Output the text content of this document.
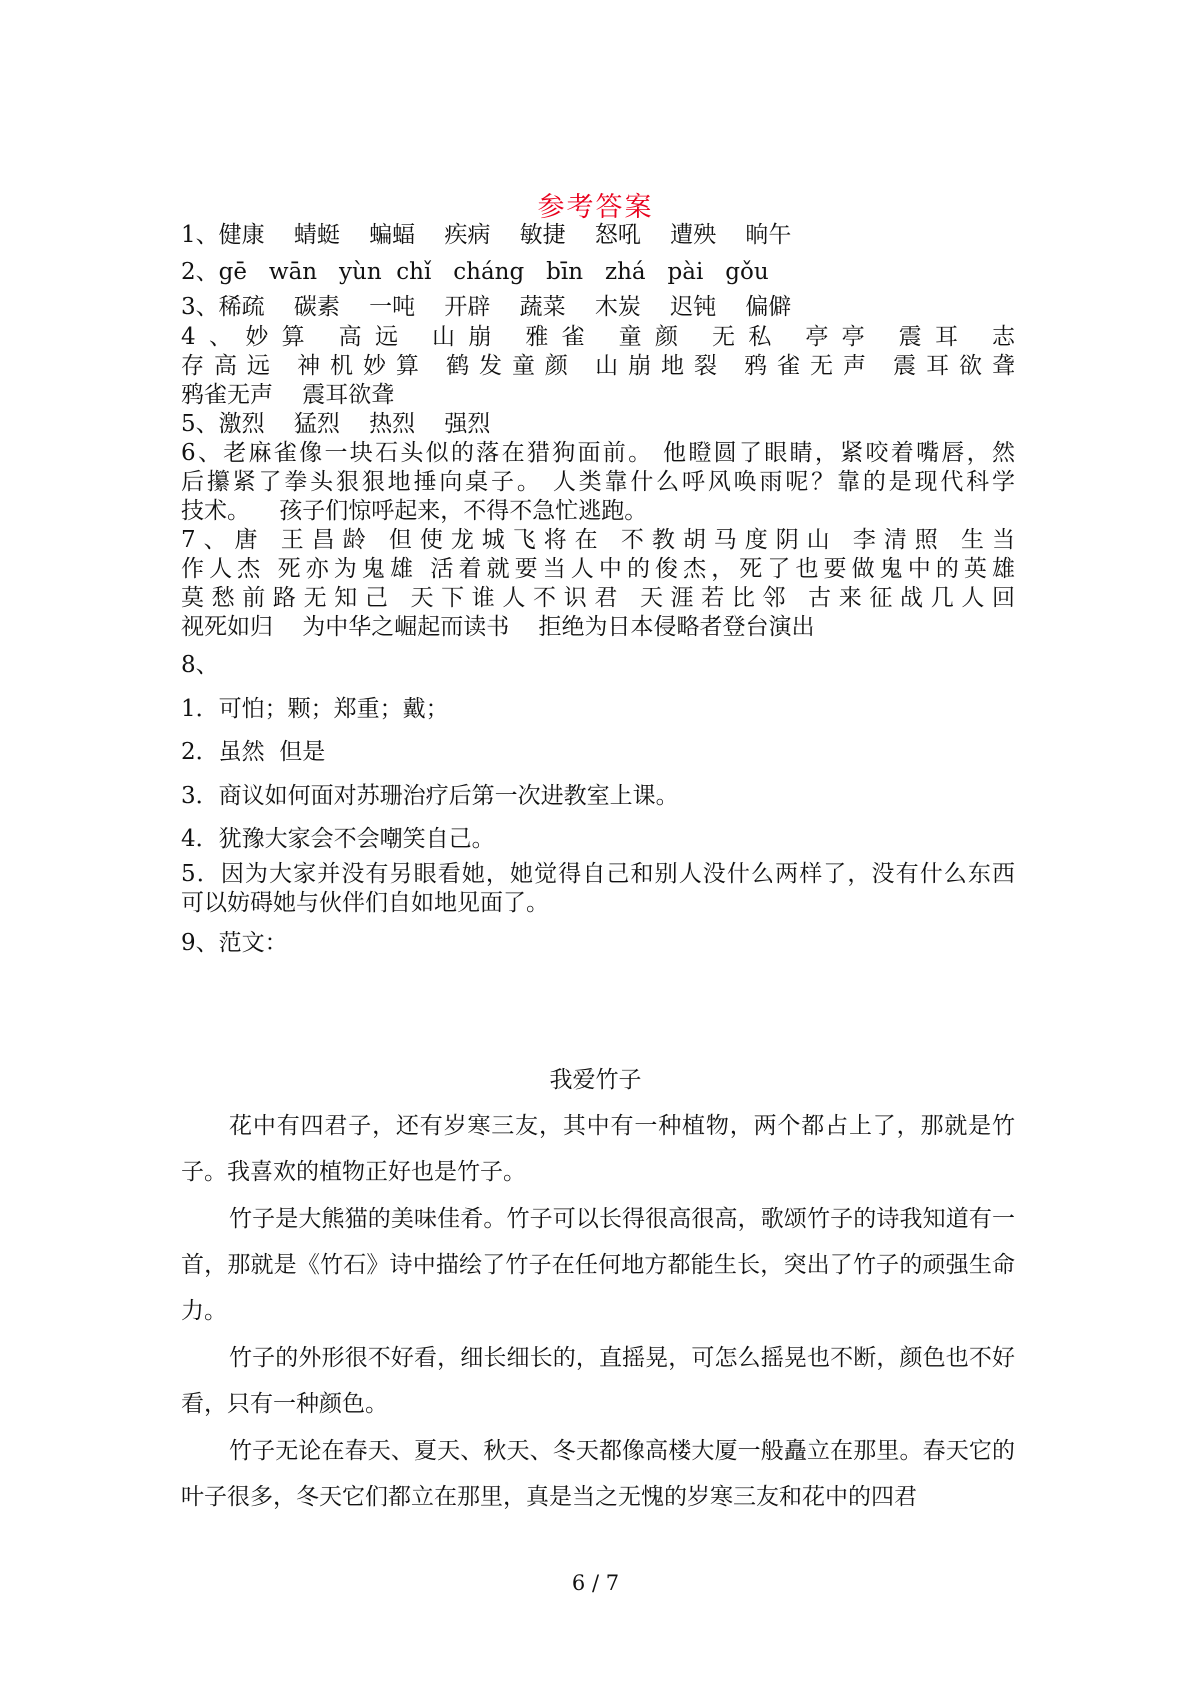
参考答案
1、健康    蜻蜓    蝙蝠    疾病    敏捷    怒吼    遭殃    晌午
2、gē   wān   yùn  chǐ   cháng   bīn   zhá   pài   gǒu
3、稀疏    碳素    一吨    开辟    蔬菜    木炭    迟钝    偏僻
4、妙算 高远 山崩 雅雀 童颜 无私 亭亭 震耳 志
存高远 神机妙算 鹤发童颜 山崩地裂 鸦雀无声 震耳欲聋
鸦雀无声    震耳欲聋
5、激烈    猛烈    热烈    强烈
6、老麻雀像一块石头似的落在猎狗面前。 他瞪圆了眼睛，紧咬着嘴唇，然
后攥紧了拳头狠狠地捶向桌子。 人类靠什么呼风唤雨呢？靠的是现代科学
技术。    孩子们惊呼起来，不得不急忙逃跑。
7、唐 王昌龄 但使龙城飞将在 不教胡马度阴山 李清照 生当
作人杰 死亦为鬼雄 活着就要当人中的俊杰，死了也要做鬼中的英雄
莫愁前路无知己 天下谁人不识君 天涯若比邻 古来征战几人回
视死如归    为中华之崛起而读书    拒绝为日本侵略者登台演出
8、
1．可怕；颗；郑重；戴；
2．虽然  但是
3．商议如何面对苏珊治疗后第一次进教室上课。
4．犹豫大家会不会嘲笑自己。
5．因为大家并没有另眼看她，她觉得自己和别人没什么两样了，没有什么东西
可以妨碍她与伙伴们自如地见面了。
9、范文：
我爱竹子
花中有四君子，还有岁寒三友，其中有一种植物，两个都占上了，那就是竹子。我喜欢的植物正好也是竹子。
竹子是大熊猫的美味佳肴。竹子可以长得很高很高，歌颂竹子的诗我知道有一首，那就是《竹石》诗中描绘了竹子在任何地方都能生长，突出了竹子的顽强生命力。
竹子的外形很不好看，细长细长的，直摇晃，可怎么摇晃也不断，颜色也不好看，只有一种颜色。
竹子无论在春天、夏天、秋天、冬天都像高楼大厦一般矗立在那里。春天它的叶子很多，冬天它们都立在那里，真是当之无愧的岁寒三友和花中的四君
6 / 7
